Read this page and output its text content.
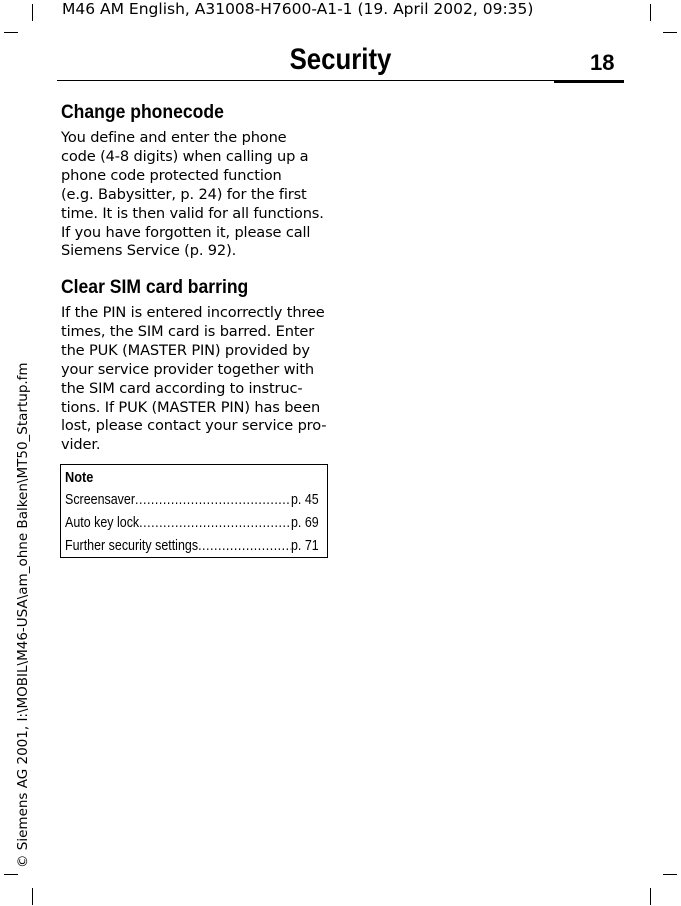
M46 AM English, A31008-H7600-A1-1 (19. April 2002, 09:35)
Security	18
© Siemens AG 2001, I:\MOBIL\M46-USA\am_ohne Balken\MT50_Startup.fm
Change phonecode

You define and enter the phone
code (4-8 digits) when calling up a
phone code protected function
(e.g. Babysitter, p. 24) for the first
time. It is then valid for all functions.
If you have forgotten it, please call
Siemens Service (p. 92).

Clear SIM card barring

If the PIN is entered incorrectly three
times, the SIM card is barred. Enter
the PUK (MASTER PIN) provided by
your service provider together with
the SIM card according to instruc-
tions. If PUK (MASTER PIN) has been
lost, please contact your service pro-
vider.

Note
Screensaver .....	p. 45
Auto key lock .....	p. 69
Further security settings .....	p. 71
